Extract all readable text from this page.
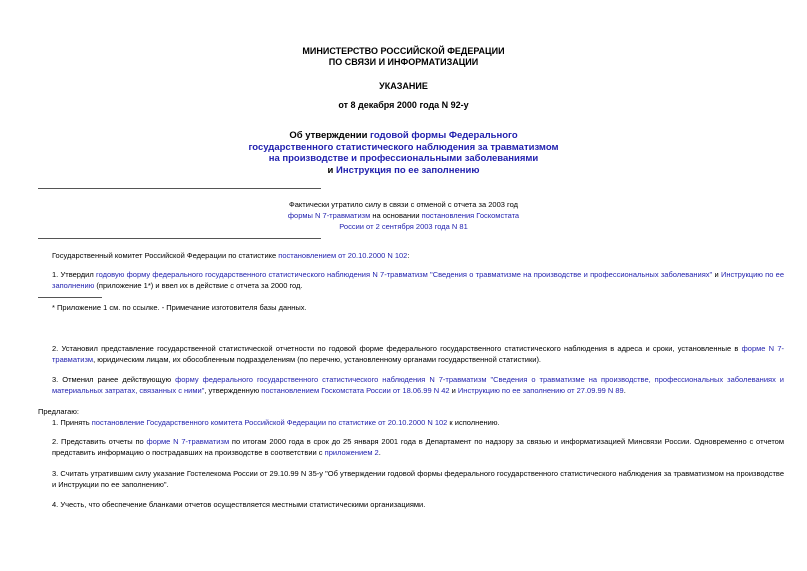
МИНИСТЕРСТВО РОССИЙСКОЙ ФЕДЕРАЦИИ
ПО СВЯЗИ И ИНФОРМАТИЗАЦИИ
УКАЗАНИЕ
от 8 декабря 2000 года N 92-у
Об утверждении годовой формы Федерального
государственного статистического наблюдения за травматизмом
на производстве и профессиональными заболеваниями
и Инструкция по ее заполнению
Фактически утратило силу в связи с отменой с отчета за 2003 год
формы N 7-травматизм на основании постановления Госкомстата
России от 2 сентября 2003 года N 81
Государственный комитет Российской Федерации по статистике постановлением от 20.10.2000 N 102:
1. Утвердил годовую форму федерального государственного статистического наблюдения N 7-травматизм "Сведения о травматизме на производстве и профессиональных заболеваниях" и Инструкцию по ее заполнению (приложение 1*) и ввел их в действие с отчета за 2000 год.
* Приложение 1 см. по ссылке. - Примечание изготовителя базы данных.
2. Установил представление государственной статистической отчетности по годовой форме федерального государственного статистического наблюдения в адреса и сроки, установленные в форме N 7-травматизм, юридическим лицам, их обособленным подразделениям (по перечню, установленному органами государственной статистики).
3. Отменил ранее действующую форму федерального государственного статистического наблюдения N 7-травматизм "Сведения о травматизме на производстве, профессиональных заболеваниях и материальных затратах, связанных с ними", утвержденную постановлением Госкомстата России от 18.06.99 N 42 и Инструкцию по ее заполнению от 27.09.99 N 89.
Предлагаю:
1. Принять постановление Государственного комитета Российской Федерации по статистике от 20.10.2000 N 102 к исполнению.
2. Представить отчеты по форме N 7-травматизм по итогам 2000 года в срок до 25 января 2001 года в Департамент по надзору за связью и информатизацией Минсвязи России. Одновременно с отчетом представить информацию о пострадавших на производстве в соответствии с приложением 2.
3. Считать утратившим силу указание Гостелекома России от 29.10.99 N 35-у "Об утверждении годовой формы федерального государственного статистического наблюдения за травматизмом на производстве и Инструкции по ее заполнению".
4. Учесть, что обеспечение бланками отчетов осуществляется местными статистическими организациями.
